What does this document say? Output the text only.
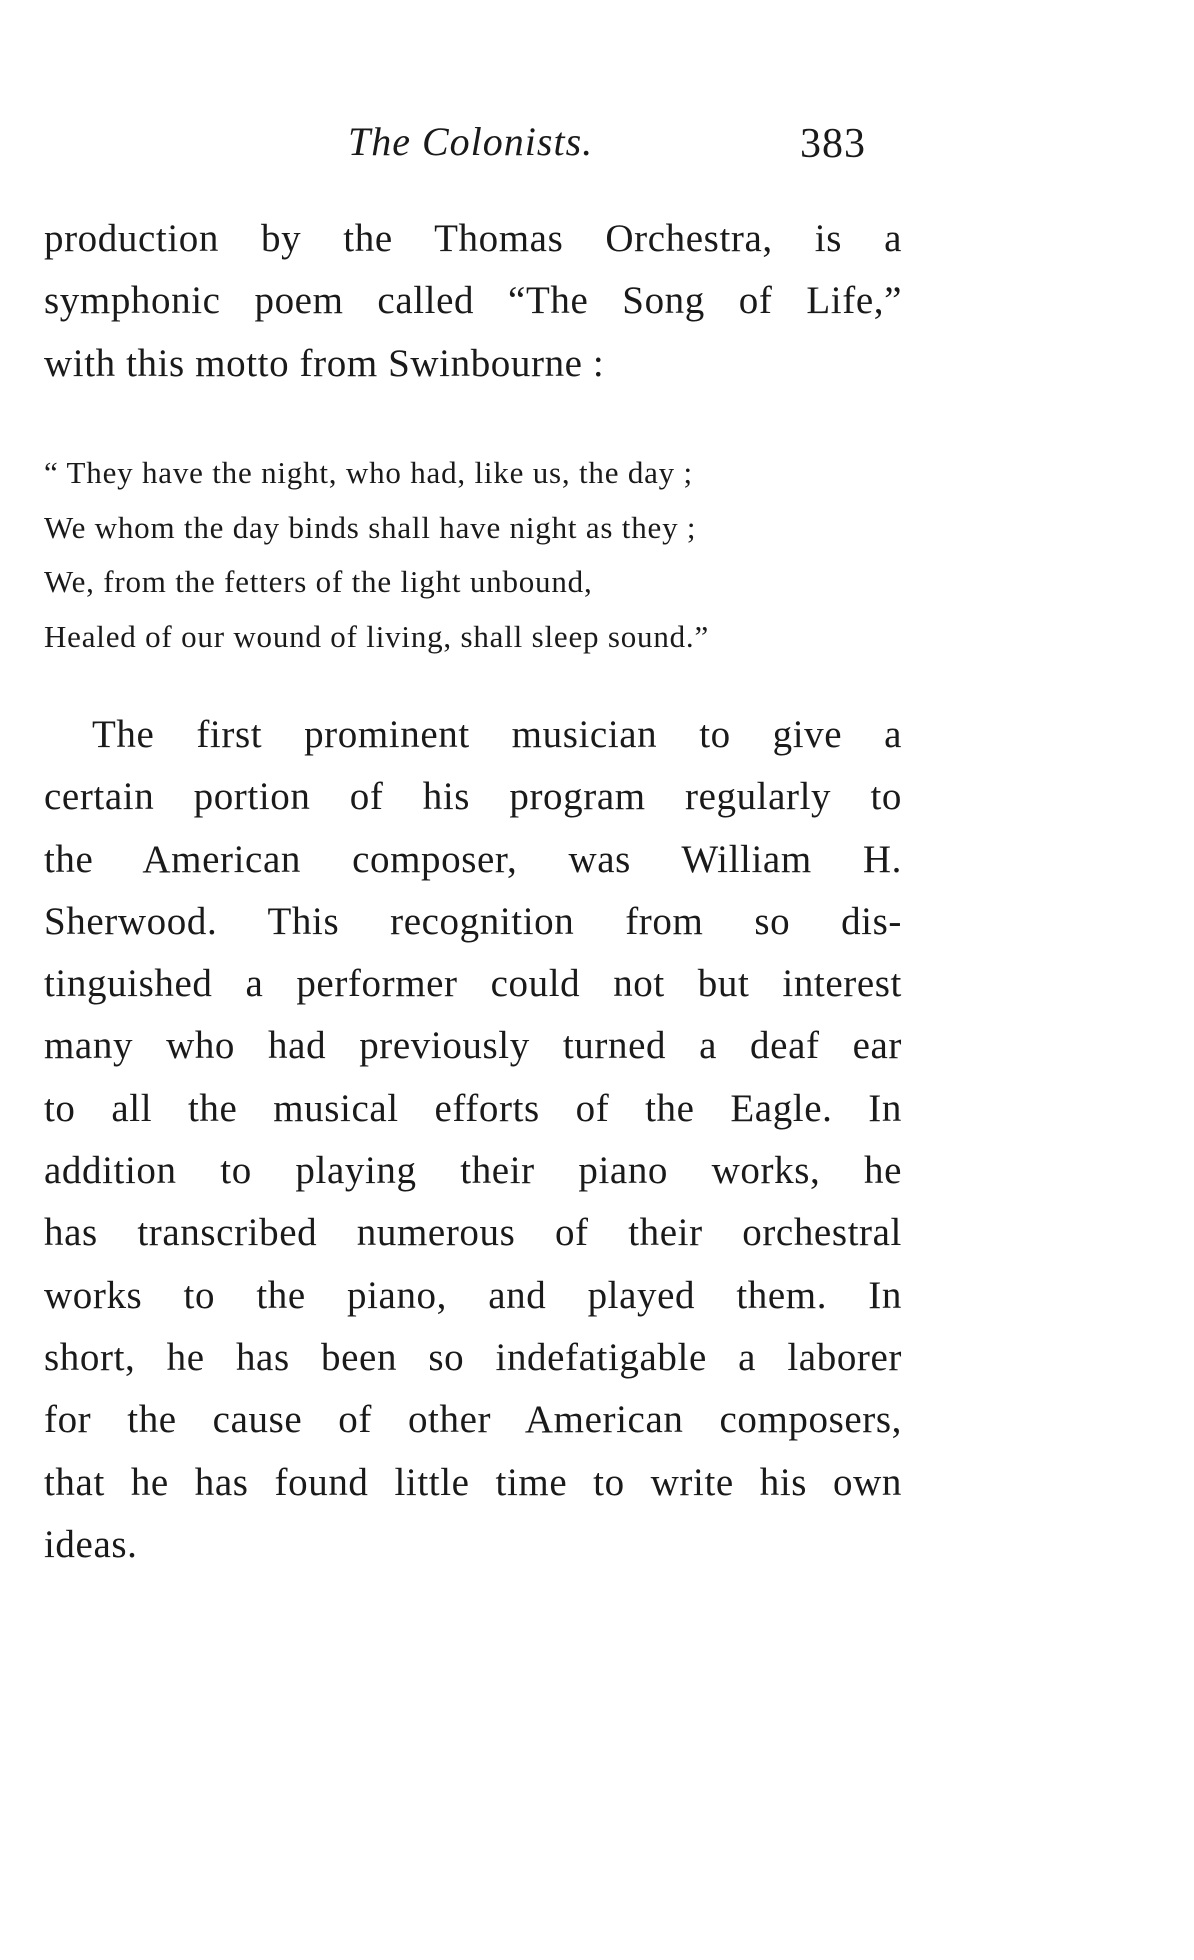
The Colonists.	383
production by the Thomas Orchestra, is a
symphonic poem called “The Song of Life,”
with this motto from Swinbourne :
“ They have the night, who had, like us, the day ;
We whom the day binds shall have night as they ;
We, from the fetters of the light unbound,
Healed of our wound of living, shall sleep sound.”
The first prominent musician to give a
certain portion of his program regularly to
the American composer, was William H.
Sherwood. This recognition from so dis-
tinguished a performer could not but interest
many who had previously turned a deaf ear
to all the musical efforts of the Eagle. In
addition to playing their piano works, he
has transcribed numerous of their orchestral
works to the piano, and played them. In
short, he has been so indefatigable a laborer
for the cause of other American composers,
that he has found little time to write his own
ideas.
